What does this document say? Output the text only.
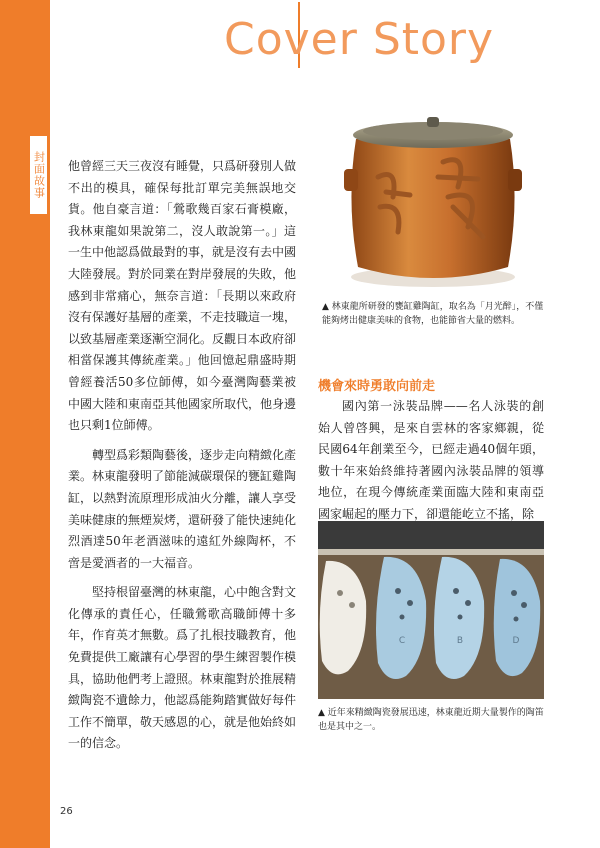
封面故事
Cover Story

他曾經三天三夜沒有睡覺，只爲研發別人做不出的模具，確保每批訂單完美無誤地交貨。他自豪言道：「鶯歌幾百家石膏模廠，我林東龍如果說第二，沒人敢說第一。」這一生中他認爲做最對的事，就是沒有去中國大陸發展。對於同業在對岸發展的失敗，他感到非常痛心，無奈言道：「長期以來政府沒有保護好基層的產業，不走技職這一塊，以致基層產業逐漸空洞化。反觀日本政府卻相當保護其傳統產業。」他回憶起鼎盛時期曾經養活50多位師傅，如今臺灣陶藝業被中國大陸和東南亞其他國家所取代，他身邊也只剩1位師傅。

轉型爲彩類陶藝後，逐步走向精緻化產業。林東龍發明了節能減碳環保的甕缸雞陶缸，以熱對流原理形成油火分離，讓人享受美味健康的無煙炭烤，還研發了能快速純化烈酒達50年老酒滋味的遠紅外線陶杯，不啻是愛酒者的一大福音。

堅持根留臺灣的林東龍，心中飽含對文化傳承的責任心，任職鶯歌高職師傅十多年，作育英才無數。爲了扎根技職教育，他免費提供工廠讓有心學習的學生練習製作模具，協助他們考上證照。林東龍對於推展精緻陶瓷不遺餘力，他認爲能夠踏實做好每件工作不簡單，敬天感恩的心，就是他始終如一的信念。

▲ 林東龍所研發的甕缸雞陶缸，取名為「月光醉」，不僅能夠烤出健康美味的食物，也能節省大量的燃料。
機會來時勇敢向前走

國內第一泳裝品牌——名人泳裝的創始人曾啓興，是來自雲林的客家鄉親，從民國64年創業至今，已經走過40個年頭，數十年來始終維持著國內泳裝品牌的領導地位，在現今傳統產業面臨大陸和東南亞國家崛起的壓力下，卻還能屹立不搖，除

C	B	D
▲ 近年來精緻陶瓷發展迅速，林東龍近期大量製作的陶笛也是其中之一。
26
